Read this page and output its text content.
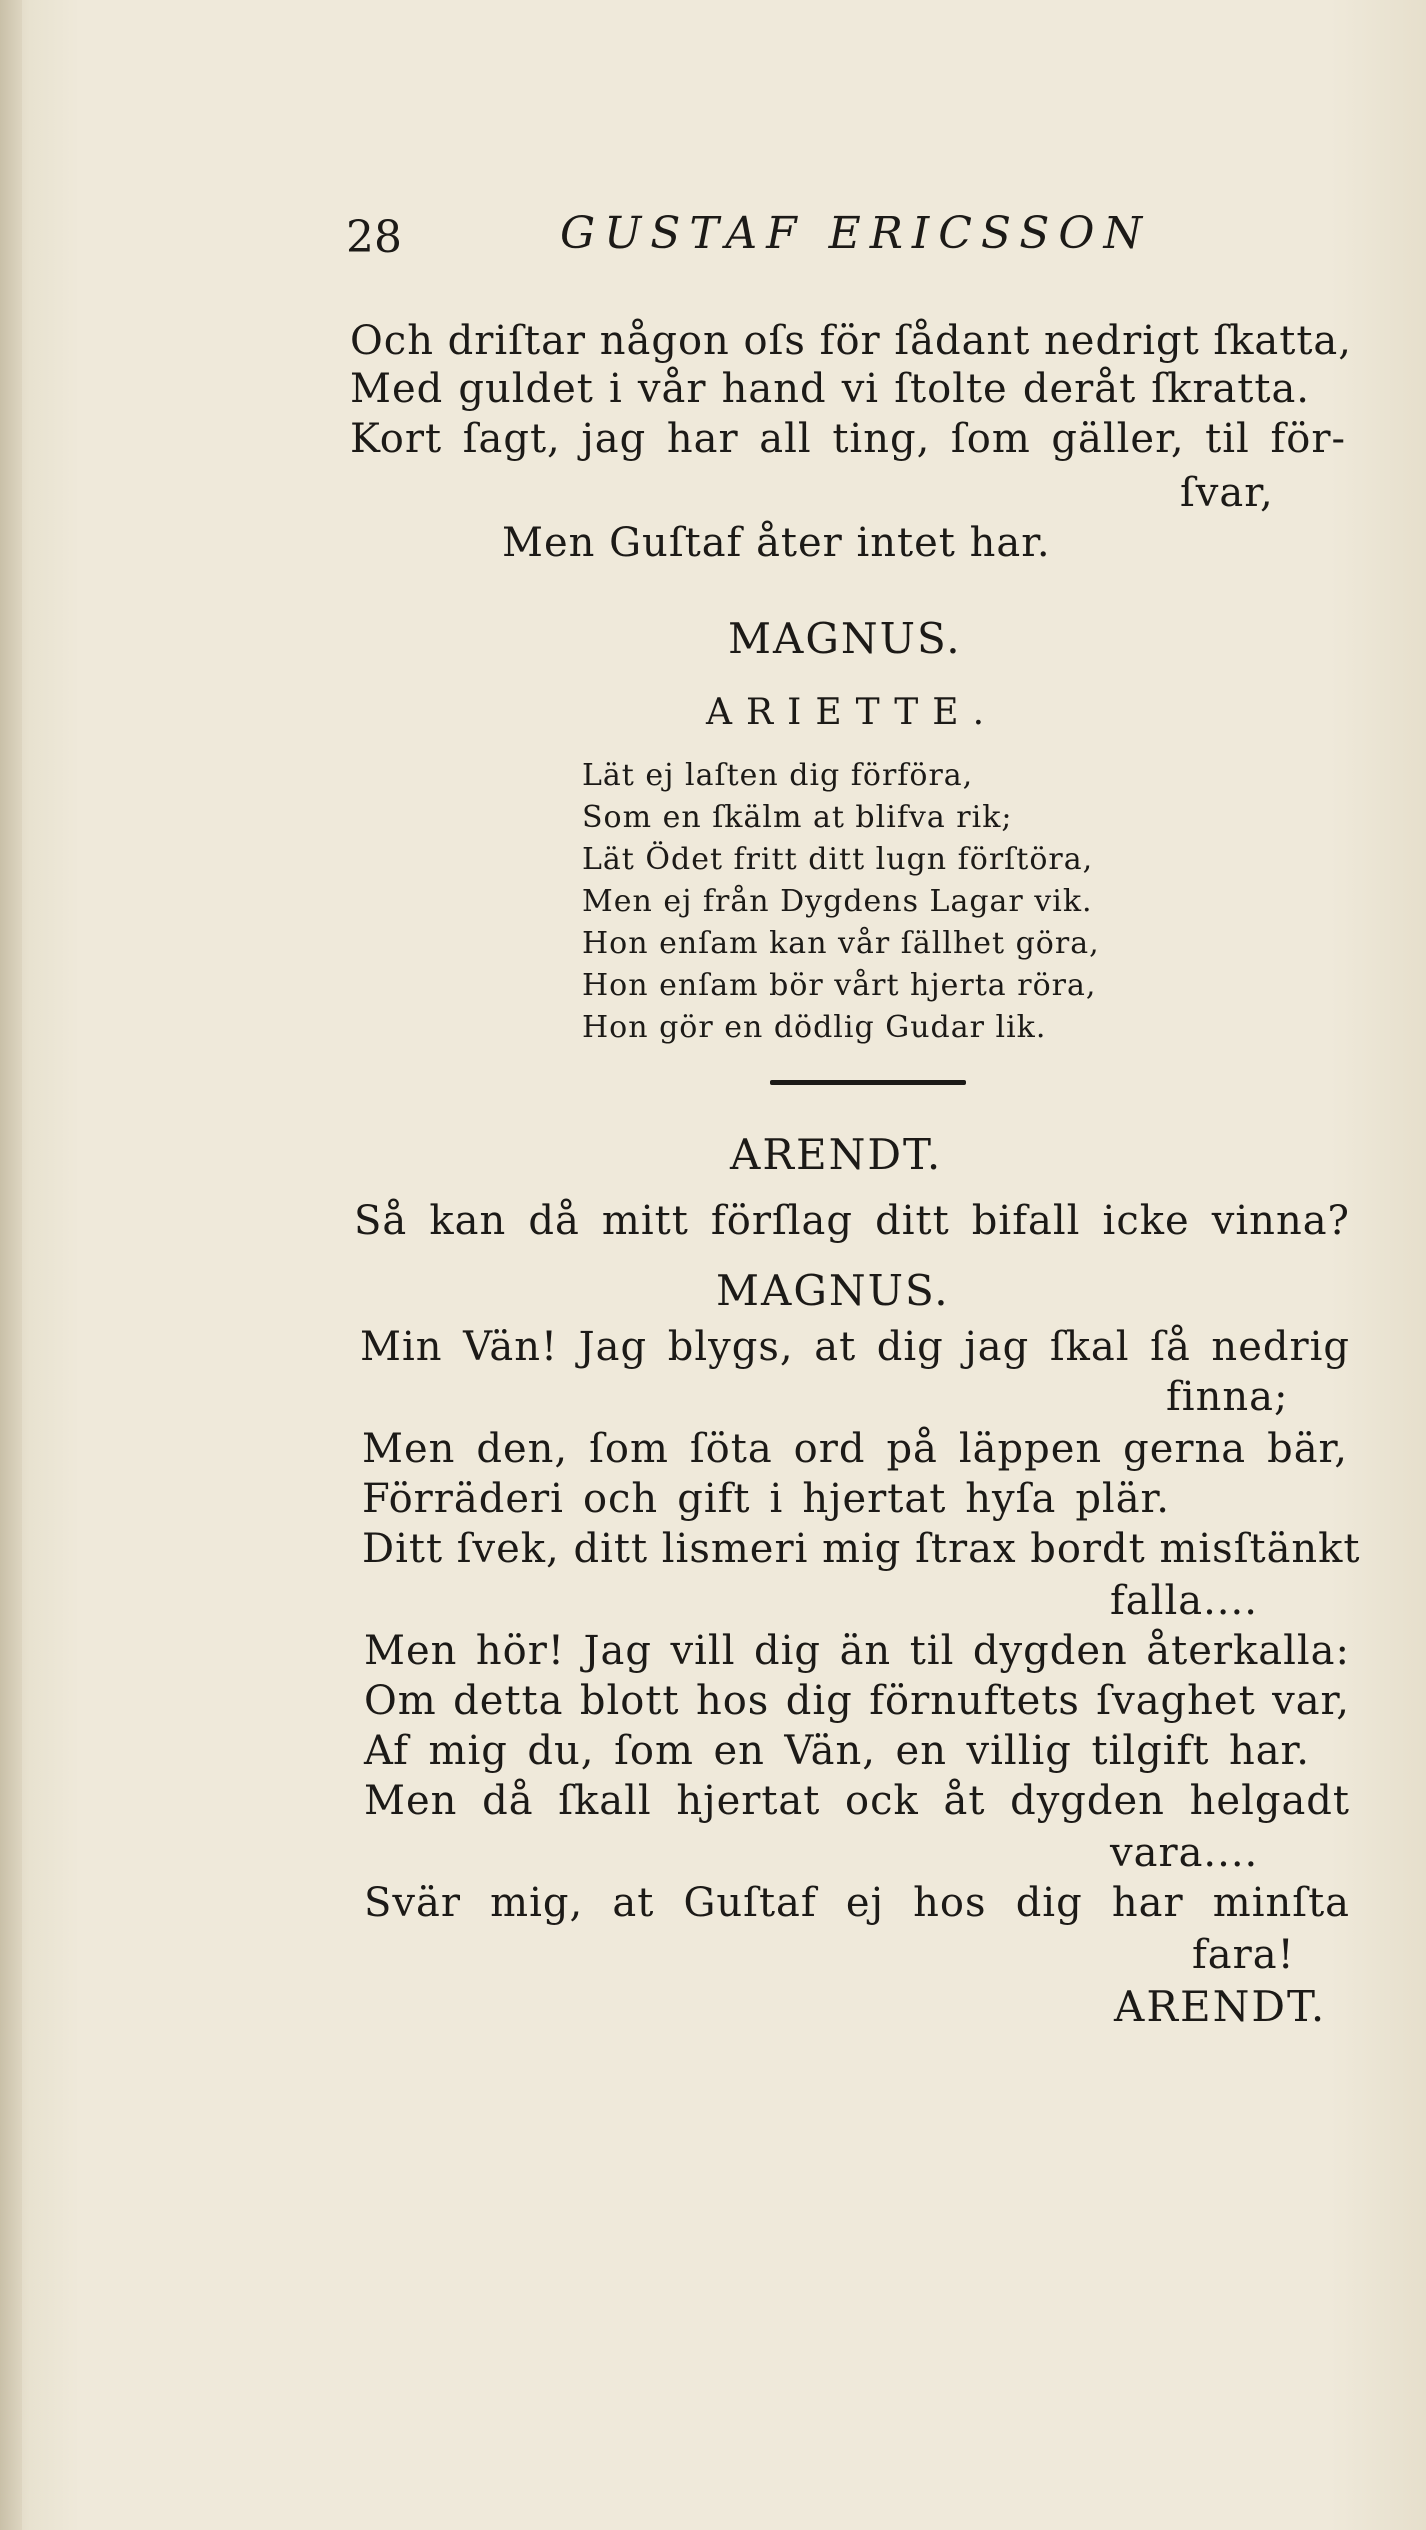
28	GUSTAF ERICSSON
Och driſtar någon oſs för ſådant nedrigt ſkatta,
Med guldet i vår hand vi ſtolte deråt ſkratta.
Kort ſagt, jag har all ting, ſom gäller, til för-
ſvar,
Men Guſtaf åter intet har.
MAGNUS.
ARIETTE.
Lät ej laſten dig förföra,
Som en ſkälm at blifva rik;
Lät Ödet fritt ditt lugn förſtöra,
Men ej från Dygdens Lagar vik.
Hon enſam kan vår ſällhet göra,
Hon enſam bör vårt hjerta röra,
Hon gör en dödlig Gudar lik.
ARENDT.
Så kan då mitt förſlag ditt bifall icke vinna?
MAGNUS.
Min Vän! Jag blygs, at dig jag ſkal ſå nedrig
finna;
Men den, ſom ſöta ord på läppen gerna bär,
Förräderi och gift i hjertat hyſa plär.
Ditt ſvek, ditt lismeri mig ſtrax bordt misſtänkt
falla....
Men hör! Jag vill dig än til dygden återkalla:
Om detta blott hos dig förnuftets ſvaghet var,
Af mig du, ſom en Vän, en villig tilgift har.
Men då ſkall hjertat ock åt dygden helgadt
vara....
Svär mig, at Guſtaf ej hos dig har minſta
fara!
ARENDT.
